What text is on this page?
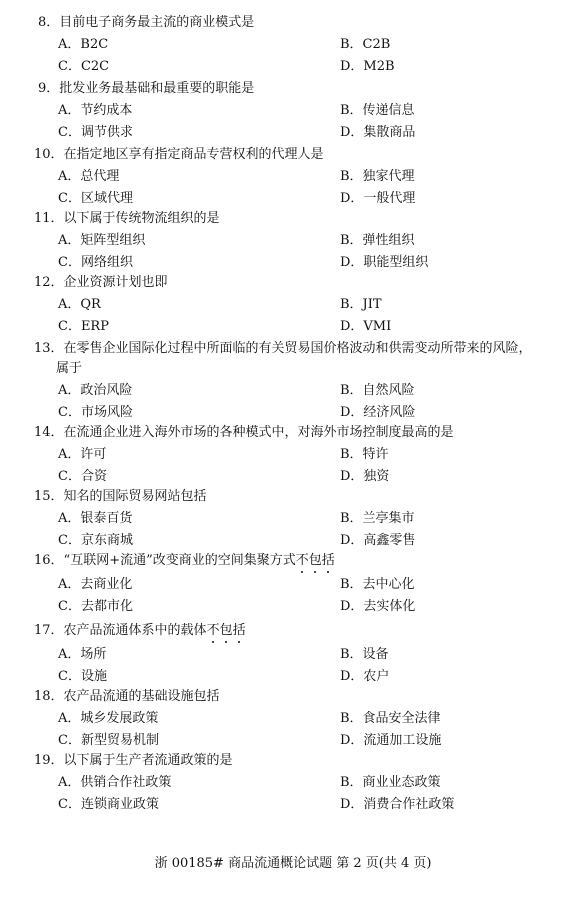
8．目前电子商务最主流的商业模式是
A．B2C	B．C2B
C．C2C	D．M2B
9．批发业务最基础和最重要的职能是
A．节约成本	B．传递信息
C．调节供求	D．集散商品
10．在指定地区享有指定商品专营权利的代理人是
A．总代理	B．独家代理
C．区域代理	D．一般代理
11．以下属于传统物流组织的是
A．矩阵型组织	B．弹性组织
C．网络组织	D．职能型组织
12．企业资源计划也即
A．QR	B．JIT
C．ERP	D．VMI
13．在零售企业国际化过程中所面临的有关贸易国价格波动和供需变动所带来的风险，
属于
A．政治风险	B．自然风险
C．市场风险	D．经济风险
14．在流通企业进入海外市场的各种模式中，对海外市场控制度最高的是
A．许可	B．特许
C．合资	D．独资
15．知名的国际贸易网站包括
A．银泰百货	B．兰亭集市
C．京东商城	D．高鑫零售
16．“互联网+流通”改变商业的空间集聚方式不包括
A．去商业化	B．去中心化
C．去都市化	D．去实体化
17．农产品流通体系中的载体不包括
A．场所	B．设备
C．设施	D．农户
18．农产品流通的基础设施包括
A．城乡发展政策	B．食品安全法律
C．新型贸易机制	D．流通加工设施
19．以下属于生产者流通政策的是
A．供销合作社政策	B．商业业态政策
C．连锁商业政策	D．消费合作社政策
浙 00185# 商品流通概论试题 第 2 页(共 4 页)
